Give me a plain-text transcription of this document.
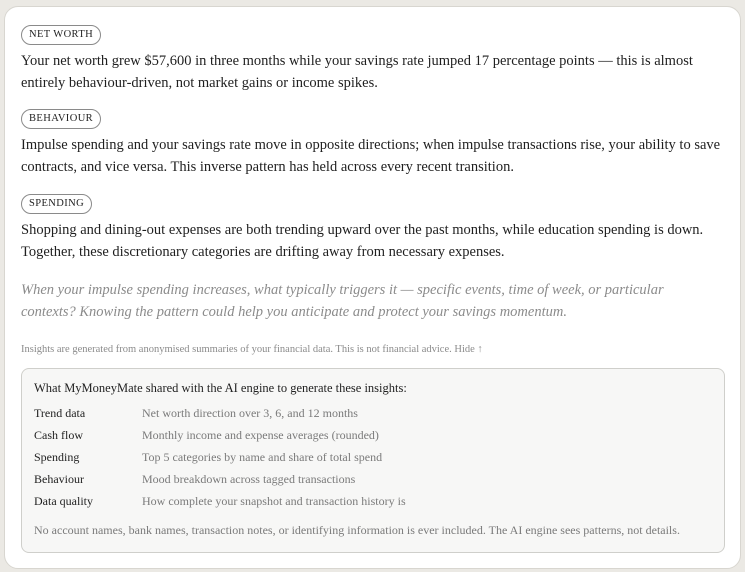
NET WORTH
Your net worth grew $57,600 in three months while your savings rate jumped 17 percentage points — this is almost entirely behaviour-driven, not market gains or income spikes.
BEHAVIOUR
Impulse spending and your savings rate move in opposite directions; when impulse transactions rise, your ability to save contracts, and vice versa. This inverse pattern has held across every recent transition.
SPENDING
Shopping and dining-out expenses are both trending upward over the past months, while education spending is down. Together, these discretionary categories are drifting away from necessary expenses.
When your impulse spending increases, what typically triggers it — specific events, time of week, or particular contexts? Knowing the pattern could help you anticipate and protect your savings momentum.
Insights are generated from anonymised summaries of your financial data. This is not financial advice. Hide ↑
What MyMoneyMate shared with the AI engine to generate these insights:
Trend data	Net worth direction over 3, 6, and 12 months
Cash flow	Monthly income and expense averages (rounded)
Spending	Top 5 categories by name and share of total spend
Behaviour	Mood breakdown across tagged transactions
Data quality	How complete your snapshot and transaction history is
No account names, bank names, transaction notes, or identifying information is ever included. The AI engine sees patterns, not details.
